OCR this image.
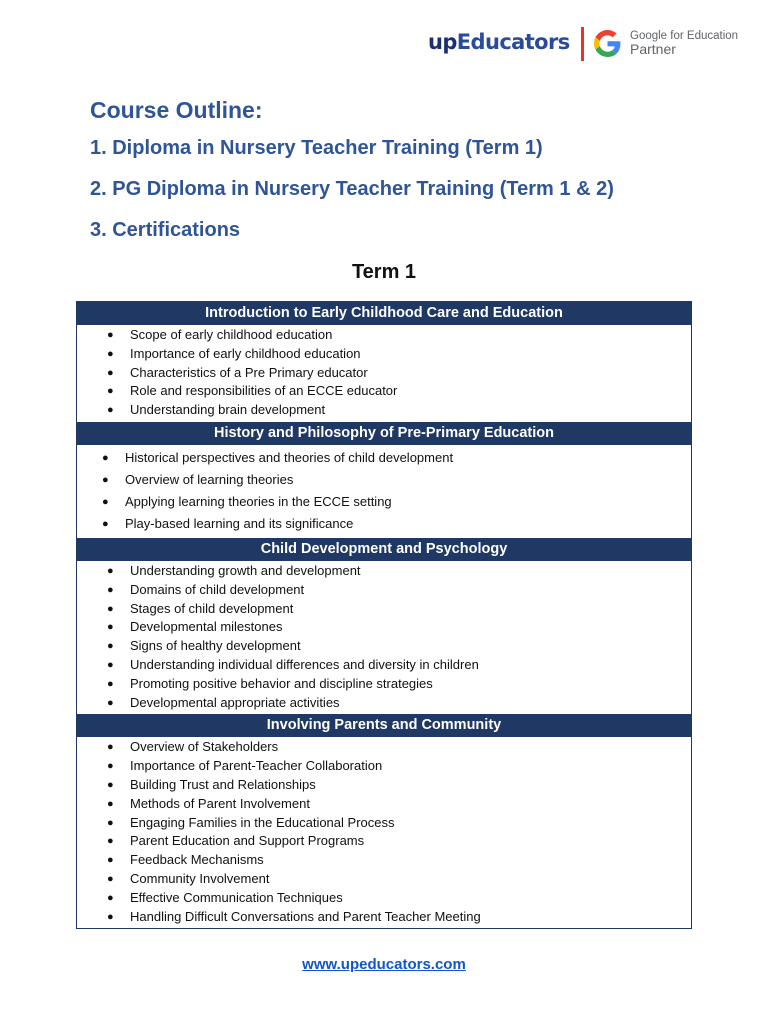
upEducators	Google for Education
Partner

Course Outline:

1. Diploma in Nursery Teacher Training (Term 1)

2. PG Diploma in Nursery Teacher Training (Term 1 & 2)

3. Certifications

Term 1
Introduction to Early Childhood Care and Education
● Scope of early childhood education
● Importance of early childhood education
● Characteristics of a Pre Primary educator
● Role and responsibilities of an ECCE educator
● Understanding brain development
History and Philosophy of Pre-Primary Education
● Historical perspectives and theories of child development
● Overview of learning theories
● Applying learning theories in the ECCE setting
● Play-based learning and its significance
Child Development and Psychology
● Understanding growth and development
● Domains of child development
● Stages of child development
● Developmental milestones
● Signs of healthy development
● Understanding individual differences and diversity in children
● Promoting positive behavior and discipline strategies
● Developmental appropriate activities
Involving Parents and Community
● Overview of Stakeholders
● Importance of Parent-Teacher Collaboration
● Building Trust and Relationships
● Methods of Parent Involvement
● Engaging Families in the Educational Process
● Parent Education and Support Programs
● Feedback Mechanisms
● Community Involvement
● Effective Communication Techniques
● Handling Difficult Conversations and Parent Teacher Meeting
www.upeducators.com
